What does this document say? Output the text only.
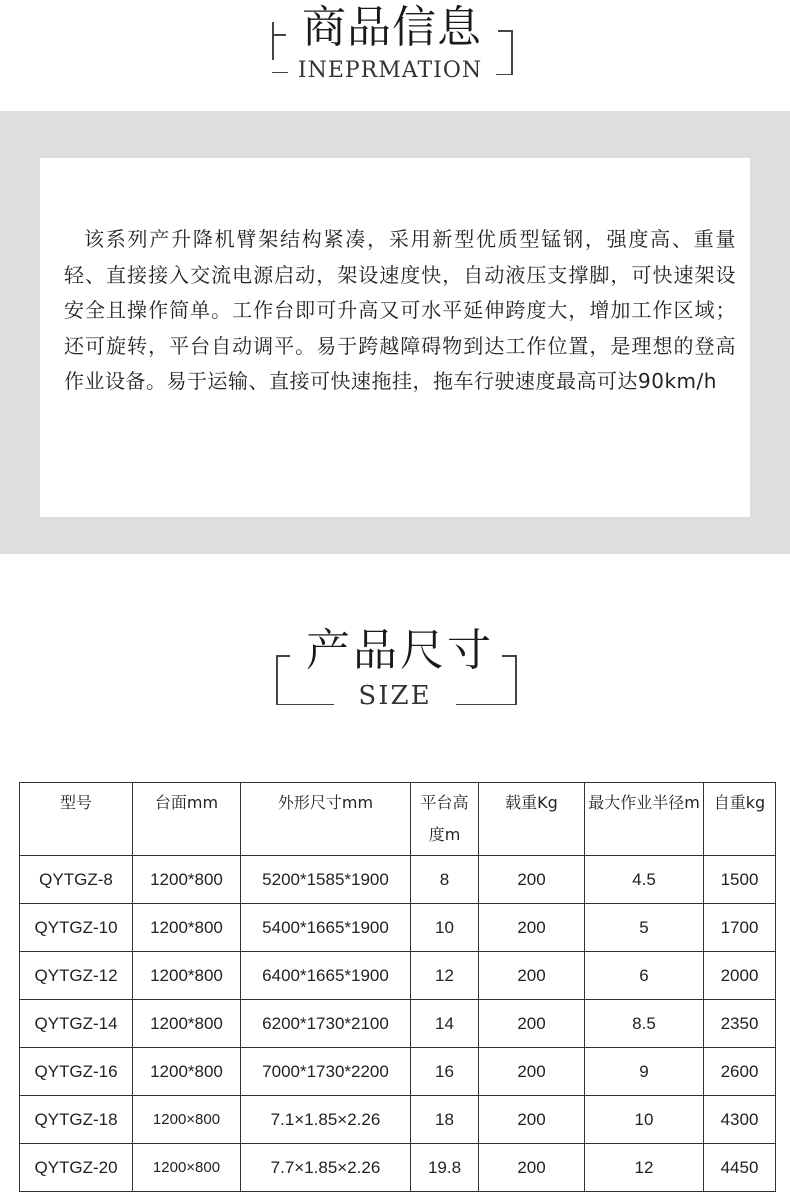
商品信息
INEPRMATION
该系列产升降机臂架结构紧凑，采用新型优质型锰钢，强度高、重量轻、直接接入交流电源启动，架设速度快，自动液压支撑脚，可快速架设安全且操作简单。工作台即可升高又可水平延伸跨度大，增加工作区域；还可旋转，平台自动调平。易于跨越障碍物到达工作位置，是理想的登高作业设备。易于运输、直接可快速拖挂，拖车行驶速度最高可达90km/h
产品尺寸
SIZE
型号	台面mm	外形尺寸mm	平台高度m	载重Kg	最大作业半径m	自重kg
QYTGZ-8	1200*800	5200*1585*1900	8	200	4.5	1500
QYTGZ-10	1200*800	5400*1665*1900	10	200	5	1700
QYTGZ-12	1200*800	6400*1665*1900	12	200	6	2000
QYTGZ-14	1200*800	6200*1730*2100	14	200	8.5	2350
QYTGZ-16	1200*800	7000*1730*2200	16	200	9	2600
QYTGZ-18	1200×800	7.1×1.85×2.26	18	200	10	4300
QYTGZ-20	1200×800	7.7×1.85×2.26	19.8	200	12	4450
